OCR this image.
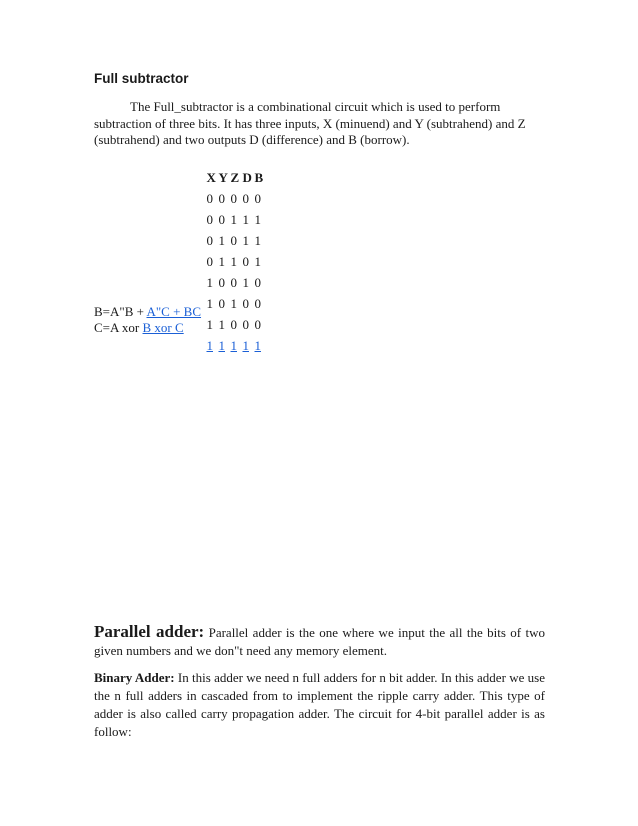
Full subtractor
The Full_subtractor is a combinational circuit which is used to perform subtraction of three bits. It has three inputs, X (minuend) and Y (subtrahend) and Z (subtrahend) and two outputs D (difference) and B (borrow).

X Y Z D B

0 0 0 0 0

0 0 1 1 1

0 1 0 1 1

0 1 1 0 1

1 0 0 1 0

1 0 1 0 0

1 1 0 0 0

1 1 1 1 1

B=A"B + A"C + BC
C=A xor B xor C

Parallel adder: Parallel adder is the one where we input the all the bits of two given numbers and we don"t need any memory element.

Binary Adder: In this adder we need n full adders for n bit adder. In this adder we use the n full adders in cascaded from to implement the ripple carry adder. This type of adder is also called carry propagation adder. The circuit for 4-bit parallel adder is as follow:
